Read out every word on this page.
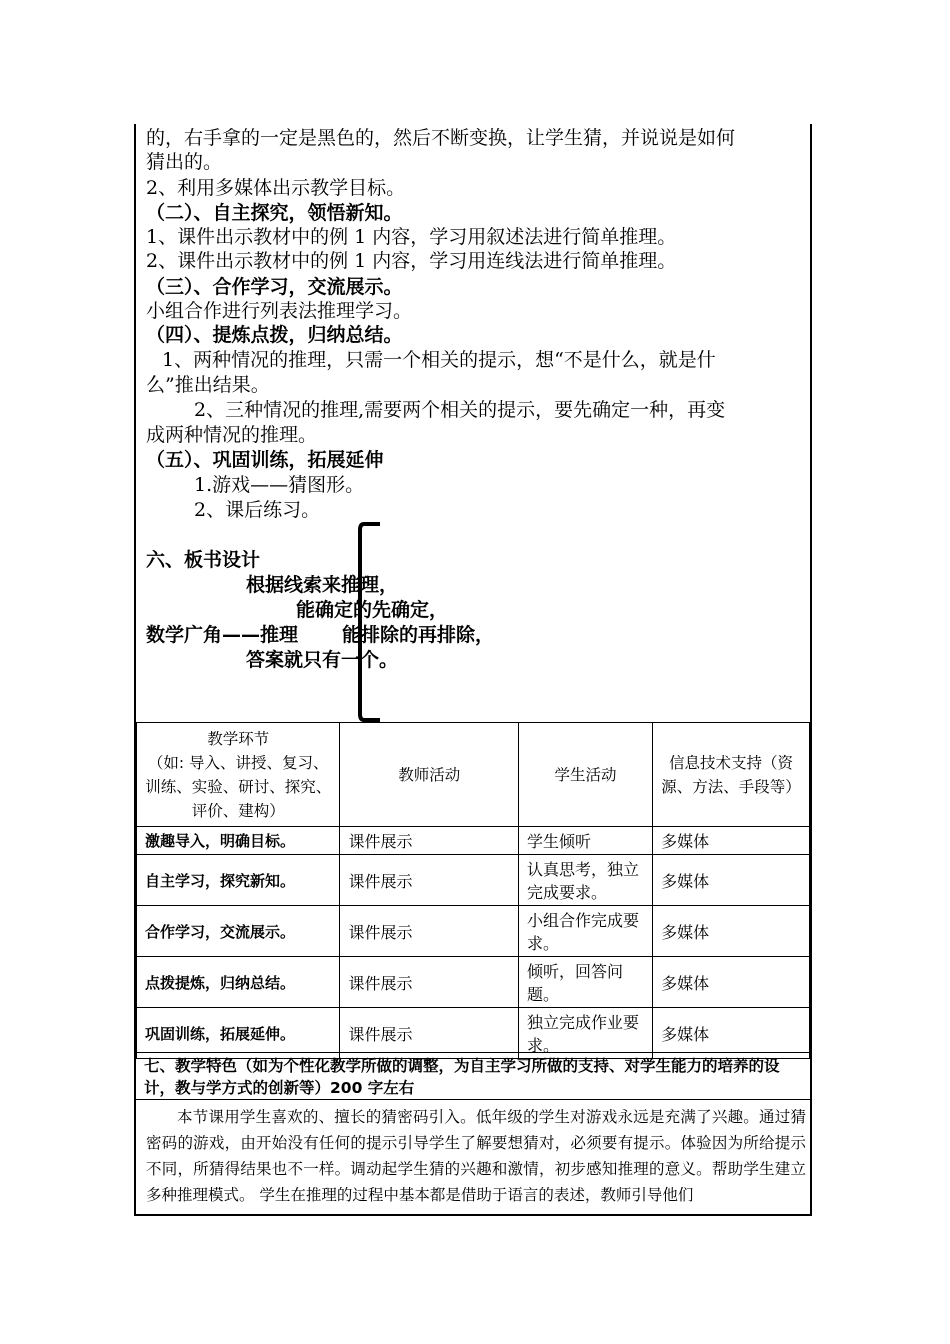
的，右手拿的一定是黑色的，然后不断变换，让学生猜，并说说是如何
猜出的。
2、利用多媒体出示教学目标。
（二）、自主探究，领悟新知。
1、课件出示教材中的例 1 内容，学习用叙述法进行简单推理。
2、课件出示教材中的例 1 内容，学习用连线法进行简单推理。
（三）、合作学习，交流展示。
小组合作进行列表法推理学习。
（四）、提炼点拨，归纳总结。
1、两种情况的推理，只需一个相关的提示，想“不是什么，就是什
么”推出结果。
2、三种情况的推理,需要两个相关的提示，要先确定一种，再变
成两种情况的推理。
（五）、巩固训练，拓展延伸
1.游戏——猜图形。
2、课后练习。
六、板书设计
根据线索来推理，
能确定的先确定，
数学广角——推理 能排除的再排除，
答案就只有一个。
教学环节
（如: 导入、讲授、复习、训练、实验、研讨、探究、评价、建构）	教师活动	学生活动	信息技术支持（资源、方法、手段等）
激趣导入，明确目标。	课件展示	学生倾听	多媒体
自主学习，探究新知。	课件展示	认真思考，独立完成要求。	多媒体
合作学习，交流展示。	课件展示	小组合作完成要求。	多媒体
点拨提炼，归纳总结。	课件展示	倾听，回答问题。	多媒体
巩固训练，拓展延伸。	课件展示	独立完成作业要求。	多媒体
七、教学特色（如为个性化教学所做的调整，为自主学习所做的支持、对学生能力的培养的设计，教与学方式的创新等）200 字左右
本节课用学生喜欢的、擅长的猜密码引入。低年级的学生对游戏永远是充满了兴趣。通过猜密码的游戏，由开始没有任何的提示引导学生了解要想猜对，必须要有提示。体验因为所给提示不同，所猜得结果也不一样。调动起学生猜的兴趣和激情，初步感知推理的意义。帮助学生建立多种推理模式。 学生在推理的过程中基本都是借助于语言的表述，教师引导他们
